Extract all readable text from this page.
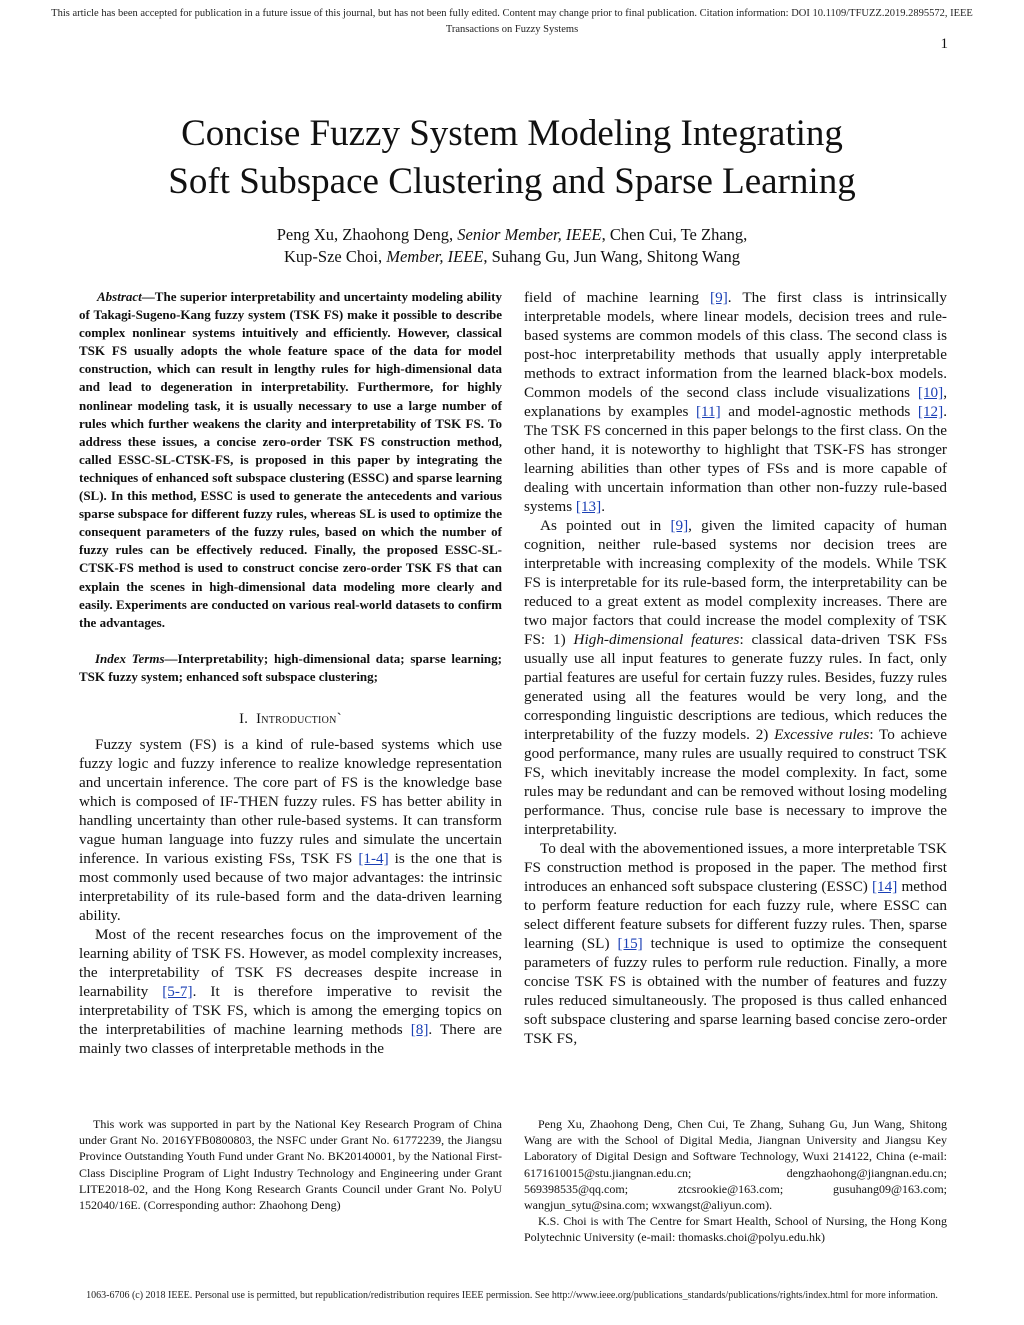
This article has been accepted for publication in a future issue of this journal, but has not been fully edited. Content may change prior to final publication. Citation information: DOI 10.1109/TFUZZ.2019.2895572, IEEE
Transactions on Fuzzy Systems
1
Concise Fuzzy System Modeling Integrating
Soft Subspace Clustering and Sparse Learning
Peng Xu, Zhaohong Deng, Senior Member, IEEE, Chen Cui, Te Zhang,
Kup-Sze Choi, Member, IEEE, Suhang Gu, Jun Wang, Shitong Wang

Abstract—The superior interpretability and uncertainty modeling ability of Takagi-Sugeno-Kang fuzzy system (TSK FS) make it possible to describe complex nonlinear systems intuitively and efficiently. However, classical TSK FS usually adopts the whole feature space of the data for model construction, which can result in lengthy rules for high-dimensional data and lead to degeneration in interpretability. Furthermore, for highly nonlinear modeling task, it is usually necessary to use a large number of rules which further weakens the clarity and interpretability of TSK FS. To address these issues, a concise zero-order TSK FS construction method, called ESSC-SL-CTSK-FS, is proposed in this paper by integrating the techniques of enhanced soft subspace clustering (ESSC) and sparse learning (SL). In this method, ESSC is used to generate the antecedents and various sparse subspace for different fuzzy rules, whereas SL is used to optimize the consequent parameters of the fuzzy rules, based on which the number of fuzzy rules can be effectively reduced. Finally, the proposed ESSC-SL-CTSK-FS method is used to construct concise zero-order TSK FS that can explain the scenes in high-dimensional data modeling more clearly and easily. Experiments are conducted on various real-world datasets to confirm the advantages.

Index Terms—Interpretability; high-dimensional data; sparse learning; TSK fuzzy system; enhanced soft subspace clustering;

I. Introduction`

Fuzzy system (FS) is a kind of rule-based systems which use fuzzy logic and fuzzy inference to realize knowledge representation and uncertain inference. The core part of FS is the knowledge base which is composed of IF-THEN fuzzy rules. FS has better ability in handling uncertainty than other rule-based systems. It can transform vague human language into fuzzy rules and simulate the uncertain inference. In various existing FSs, TSK FS [1-4] is the one that is most commonly used because of two major advantages: the intrinsic interpretability of its rule-based form and the data-driven learning ability.

Most of the recent researches focus on the improvement of the learning ability of TSK FS. However, as model complexity increases, the interpretability of TSK FS decreases despite increase in learnability [5-7]. It is therefore imperative to revisit the interpretability of TSK FS, which is among the emerging topics on the interpretabilities of machine learning methods [8]. There are mainly two classes of interpretable methods in the

field of machine learning [9]. The first class is intrinsically interpretable models, where linear models, decision trees and rule-based systems are common models of this class. The second class is post-hoc interpretability methods that usually apply interpretable methods to extract information from the learned black-box models. Common models of the second class include visualizations [10], explanations by examples [11] and model-agnostic methods [12]. The TSK FS concerned in this paper belongs to the first class. On the other hand, it is noteworthy to highlight that TSK-FS has stronger learning abilities than other types of FSs and is more capable of dealing with uncertain information than other non-fuzzy rule-based systems [13].

As pointed out in [9], given the limited capacity of human cognition, neither rule-based systems nor decision trees are interpretable with increasing complexity of the models. While TSK FS is interpretable for its rule-based form, the interpretability can be reduced to a great extent as model complexity increases. There are two major factors that could increase the model complexity of TSK FS: 1) High-dimensional features: classical data-driven TSK FSs usually use all input features to generate fuzzy rules. In fact, only partial features are useful for certain fuzzy rules. Besides, fuzzy rules generated using all the features would be very long, and the corresponding linguistic descriptions are tedious, which reduces the interpretability of the fuzzy models. 2) Excessive rules: To achieve good performance, many rules are usually required to construct TSK FS, which inevitably increase the model complexity. In fact, some rules may be redundant and can be removed without losing modeling performance. Thus, concise rule base is necessary to improve the interpretability.

To deal with the abovementioned issues, a more interpretable TSK FS construction method is proposed in the paper. The method first introduces an enhanced soft subspace clustering (ESSC) [14] method to perform feature reduction for each fuzzy rule, where ESSC can select different feature subsets for different fuzzy rules. Then, sparse learning (SL) [15] technique is used to optimize the consequent parameters of fuzzy rules to perform rule reduction. Finally, a more concise TSK FS is obtained with the number of features and fuzzy rules reduced simultaneously. The proposed is thus called enhanced soft subspace clustering and sparse learning based concise zero-order TSK FS,

This work was supported in part by the National Key Research Program of China under Grant No. 2016YFB0800803, the NSFC under Grant No. 61772239, the Jiangsu Province Outstanding Youth Fund under Grant No. BK20140001, by the National First-Class Discipline Program of Light Industry Technology and Engineering under Grant LITE2018-02, and the Hong Kong Research Grants Council under Grant No. PolyU 152040/16E. (Corresponding author: Zhaohong Deng)

Peng Xu, Zhaohong Deng, Chen Cui, Te Zhang, Suhang Gu, Jun Wang, Shitong Wang are with the School of Digital Media, Jiangnan University and Jiangsu Key Laboratory of Digital Design and Software Technology, Wuxi 214122, China (e-mail: 6171610015@stu.jiangnan.edu.cn; dengzhaohong@jiangnan.edu.cn; 569398535@qq.com; ztcsrookie@163.com; gusuhang09@163.com; wangjun_sytu@sina.com; wxwangst@aliyun.com).

K.S. Choi is with The Centre for Smart Health, School of Nursing, the Hong Kong Polytechnic University (e-mail: thomasks.choi@polyu.edu.hk)

1063-6706 (c) 2018 IEEE. Personal use is permitted, but republication/redistribution requires IEEE permission. See http://www.ieee.org/publications_standards/publications/rights/index.html for more information.
